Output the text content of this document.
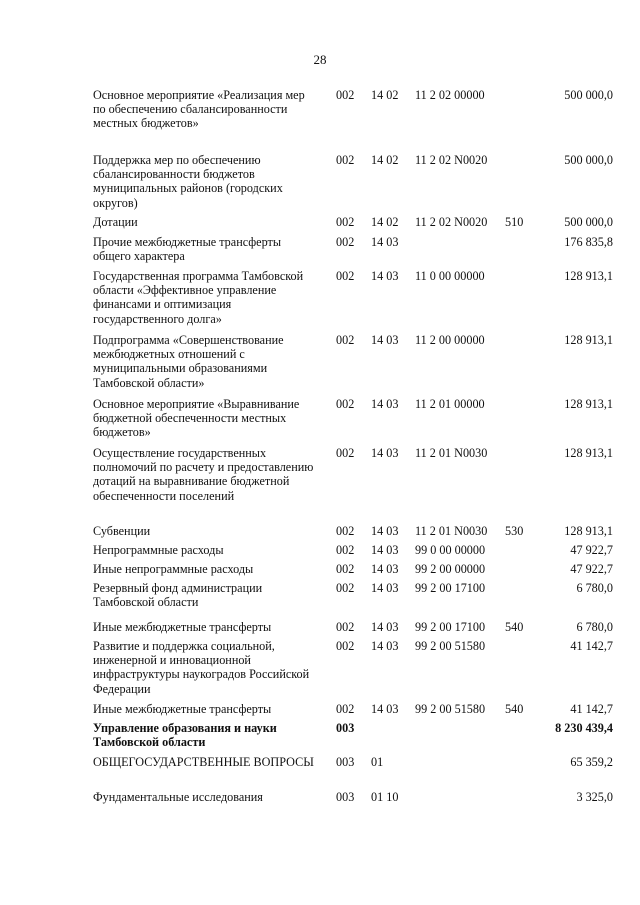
28
Основное мероприятие «Реализация мер по обеспечению сбалансированности местных бюджетов»
002 14 02 11 2 02 00000	500 000,0
Поддержка мер по обеспечению сбалансированности бюджетов муниципальных районов (городских округов)
002 14 02 11 2 02 N0020	500 000,0
Дотации	002 14 02 11 2 02 N0020 510	500 000,0
Прочие межбюджетные трансферты общего характера
002 14 03	176 835,8
Государственная программа Тамбовской области «Эффективное управление финансами и оптимизация государственного долга»
002 14 03 11 0 00 00000	128 913,1
Подпрограмма «Совершенствование межбюджетных отношений с муниципальными образованиями Тамбовской области»
002 14 03 11 2 00 00000	128 913,1
Основное мероприятие «Выравнивание бюджетной обеспеченности местных бюджетов»
002 14 03 11 2 01 00000	128 913,1
Осуществление государственных полномочий по расчету и предоставлению дотаций на выравнивание бюджетной обеспеченности поселений
002 14 03 11 2 01 N0030	128 913,1
Субвенции	002 14 03 11 2 01 N0030 530	128 913,1
Непрограммные расходы	002 14 03 99 0 00 00000	47 922,7
Иные непрограммные расходы	002 14 03 99 2 00 00000	47 922,7
Резервный фонд администрации Тамбовской области
002 14 03 99 2 00 17100	6 780,0
Иные межбюджетные трансферты	002 14 03 99 2 00 17100 540	6 780,0
Развитие и поддержка социальной, инженерной и инновационной инфраструктуры наукоградов Российской Федерации
002 14 03 99 2 00 51580	41 142,7
Иные межбюджетные трансферты	002 14 03 99 2 00 51580 540	41 142,7
Управление образования и науки Тамбовской области
003	8 230 439,4
ОБЩЕГОСУДАРСТВЕННЫЕ ВОПРОСЫ 003 01	65 359,2
Фундаментальные исследования	003 01 10	3 325,0
